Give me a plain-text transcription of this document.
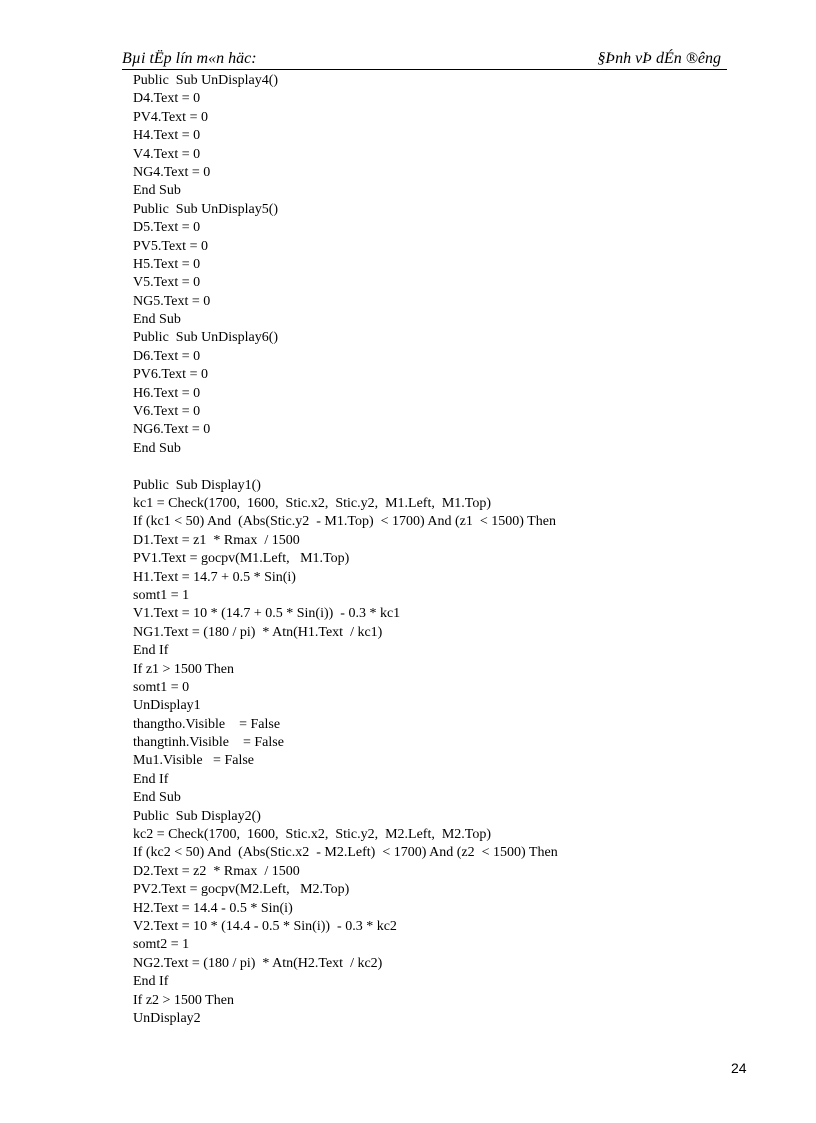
Bµi tËp lín m«n häc:	§Þnh vÞ dÉn ®êng
Public  Sub UnDisplay4()
D4.Text = 0
PV4.Text = 0
H4.Text = 0
V4.Text = 0
NG4.Text = 0
End Sub
Public  Sub UnDisplay5()
D5.Text = 0
PV5.Text = 0
H5.Text = 0
V5.Text = 0
NG5.Text = 0
End Sub
Public  Sub UnDisplay6()
D6.Text = 0
PV6.Text = 0
H6.Text = 0
V6.Text = 0
NG6.Text = 0
End Sub
Public  Sub Display1()
kc1 = Check(1700,  1600,  Stic.x2,  Stic.y2,  M1.Left,  M1.Top)
If (kc1 < 50) And  (Abs(Stic.y2  - M1.Top)  < 1700) And (z1  < 1500) Then
D1.Text = z1  * Rmax  / 1500
PV1.Text = gocpv(M1.Left,   M1.Top)
H1.Text = 14.7 + 0.5 * Sin(i)
somt1 = 1
V1.Text = 10 * (14.7 + 0.5 * Sin(i))  - 0.3 * kc1
NG1.Text = (180 / pi)  * Atn(H1.Text  / kc1)
End If
If z1 > 1500 Then
somt1 = 0
UnDisplay1
thangtho.Visible    = False
thangtinh.Visible    = False
Mu1.Visible   = False
End If
End Sub
Public  Sub Display2()
kc2 = Check(1700,  1600,  Stic.x2,  Stic.y2,  M2.Left,  M2.Top)
If (kc2 < 50) And  (Abs(Stic.x2  - M2.Left)  < 1700) And (z2  < 1500) Then
D2.Text = z2  * Rmax  / 1500
PV2.Text = gocpv(M2.Left,   M2.Top)
H2.Text = 14.4 - 0.5 * Sin(i)
V2.Text = 10 * (14.4 - 0.5 * Sin(i))  - 0.3 * kc2
somt2 = 1
NG2.Text = (180 / pi)  * Atn(H2.Text  / kc2)
End If
If z2 > 1500 Then
UnDisplay2
24
